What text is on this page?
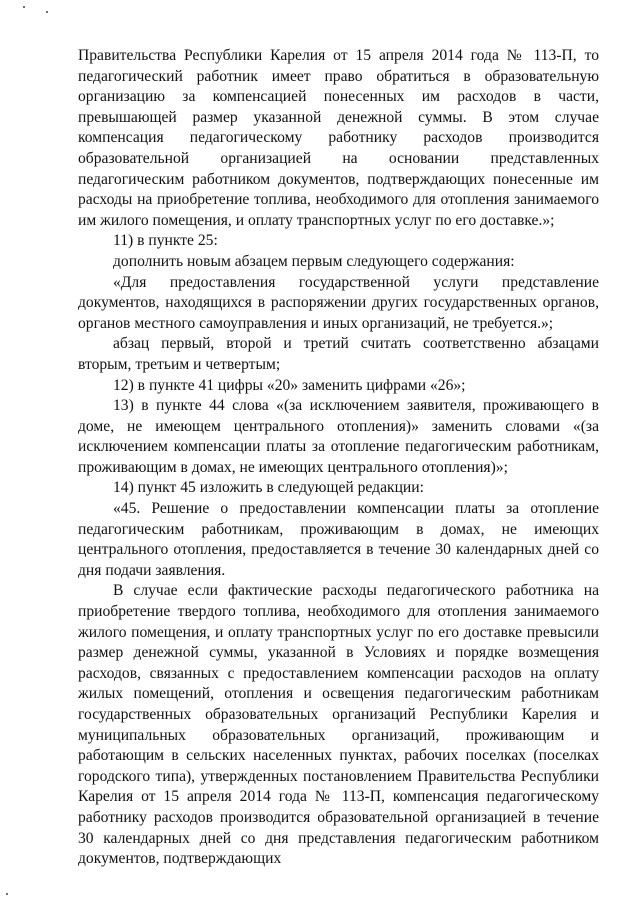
Правительства Республики Карелия от 15 апреля 2014 года № 113-П, то педагогический работник имеет право обратиться в образовательную организацию за компенсацией понесенных им расходов в части, превышающей размер указанной денежной суммы. В этом случае компенсация педагогическому работнику расходов производится образовательной организацией на основании представленных педагогическим работником документов, подтверждающих понесенные им расходы на приобретение топлива, необходимого для отопления занимаемого им жилого помещения, и оплату транспортных услуг по его доставке.»;

11) в пункте 25:

дополнить новым абзацем первым следующего содержания:

«Для предоставления государственной услуги представление документов, находящихся в распоряжении других государственных органов, органов местного самоуправления и иных организаций, не требуется.»;

абзац первый, второй и третий считать соответственно абзацами вторым, третьим и четвертым;

12) в пункте 41 цифры «20» заменить цифрами «26»;

13) в пункте 44 слова «(за исключением заявителя, проживающего в доме, не имеющем центрального отопления)» заменить словами «(за исключением компенсации платы за отопление педагогическим работникам, проживающим в домах, не имеющих центрального отопления)»;

14) пункт 45 изложить в следующей редакции:

«45. Решение о предоставлении компенсации платы за отопление педагогическим работникам, проживающим в домах, не имеющих центрального отопления, предоставляется в течение 30 календарных дней со дня подачи заявления.

В случае если фактические расходы педагогического работника на приобретение твердого топлива, необходимого для отопления занимаемого жилого помещения, и оплату транспортных услуг по его доставке превысили размер денежной суммы, указанной в Условиях и порядке возмещения расходов, связанных с предоставлением компенсации расходов на оплату жилых помещений, отопления и освещения педагогическим работникам государственных образовательных организаций Республики Карелия и муниципальных образовательных организаций, проживающим и работающим в сельских населенных пунктах, рабочих поселках (поселках городского типа), утвержденных постановлением Правительства Республики Карелия от 15 апреля 2014 года № 113-П, компенсация педагогическому работнику расходов производится образовательной организацией в течение 30 календарных дней со дня представления педагогическим работником документов, подтверждающих
